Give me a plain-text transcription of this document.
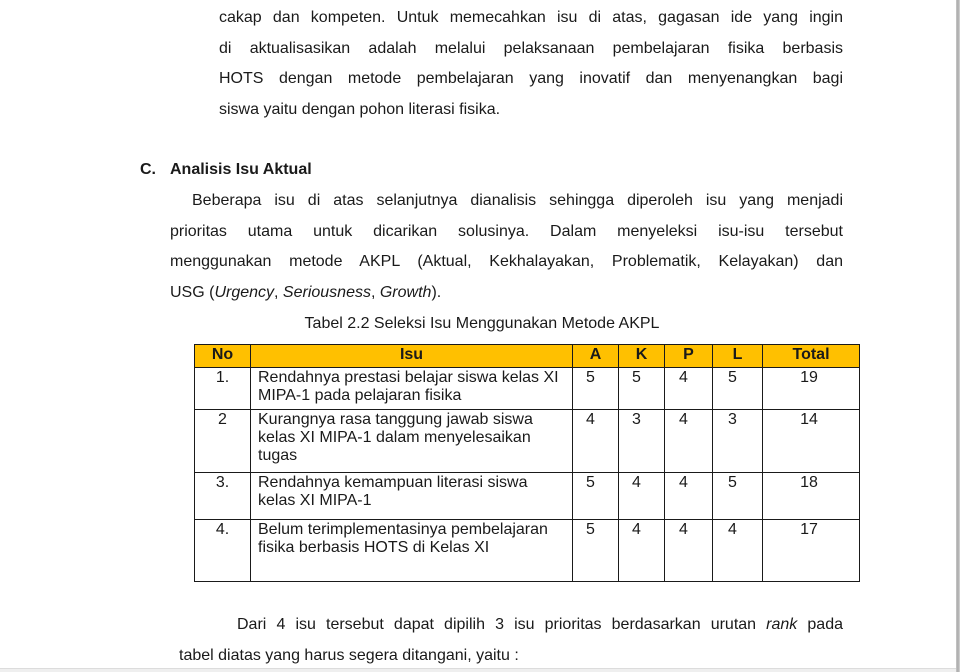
cakap dan kompeten. Untuk memecahkan isu di atas, gagasan ide yang ingin
di aktualisasikan adalah melalui pelaksanaan pembelajaran fisika berbasis
HOTS dengan metode pembelajaran yang inovatif dan menyenangkan bagi
siswa yaitu dengan pohon literasi fisika.
C. Analisis Isu Aktual
Beberapa isu di atas selanjutnya dianalisis sehingga diperoleh isu yang menjadi
prioritas utama untuk dicarikan solusinya. Dalam menyeleksi isu-isu tersebut
menggunakan metode AKPL (Aktual, Kekhalayakan, Problematik, Kelayakan) dan
USG (Urgency, Seriousness, Growth).
Tabel 2.2 Seleksi Isu Menggunakan Metode AKPL
No	Isu	A	K	P	L	Total
1.	Rendahnya prestasi belajar siswa kelas XI MIPA-1 pada pelajaran fisika	5	5	4	5	19
2	Kurangnya rasa tanggung jawab siswa kelas XI MIPA-1 dalam menyelesaikan tugas	4	3	4	3	14
3.	Rendahnya kemampuan literasi siswa kelas XI MIPA-1	5	4	4	5	18
4.	Belum terimplementasinya pembelajaran fisika berbasis HOTS di Kelas XI	5	4	4	4	17
Dari 4 isu tersebut dapat dipilih 3 isu prioritas berdasarkan urutan rank pada
tabel diatas yang harus segera ditangani, yaitu :
